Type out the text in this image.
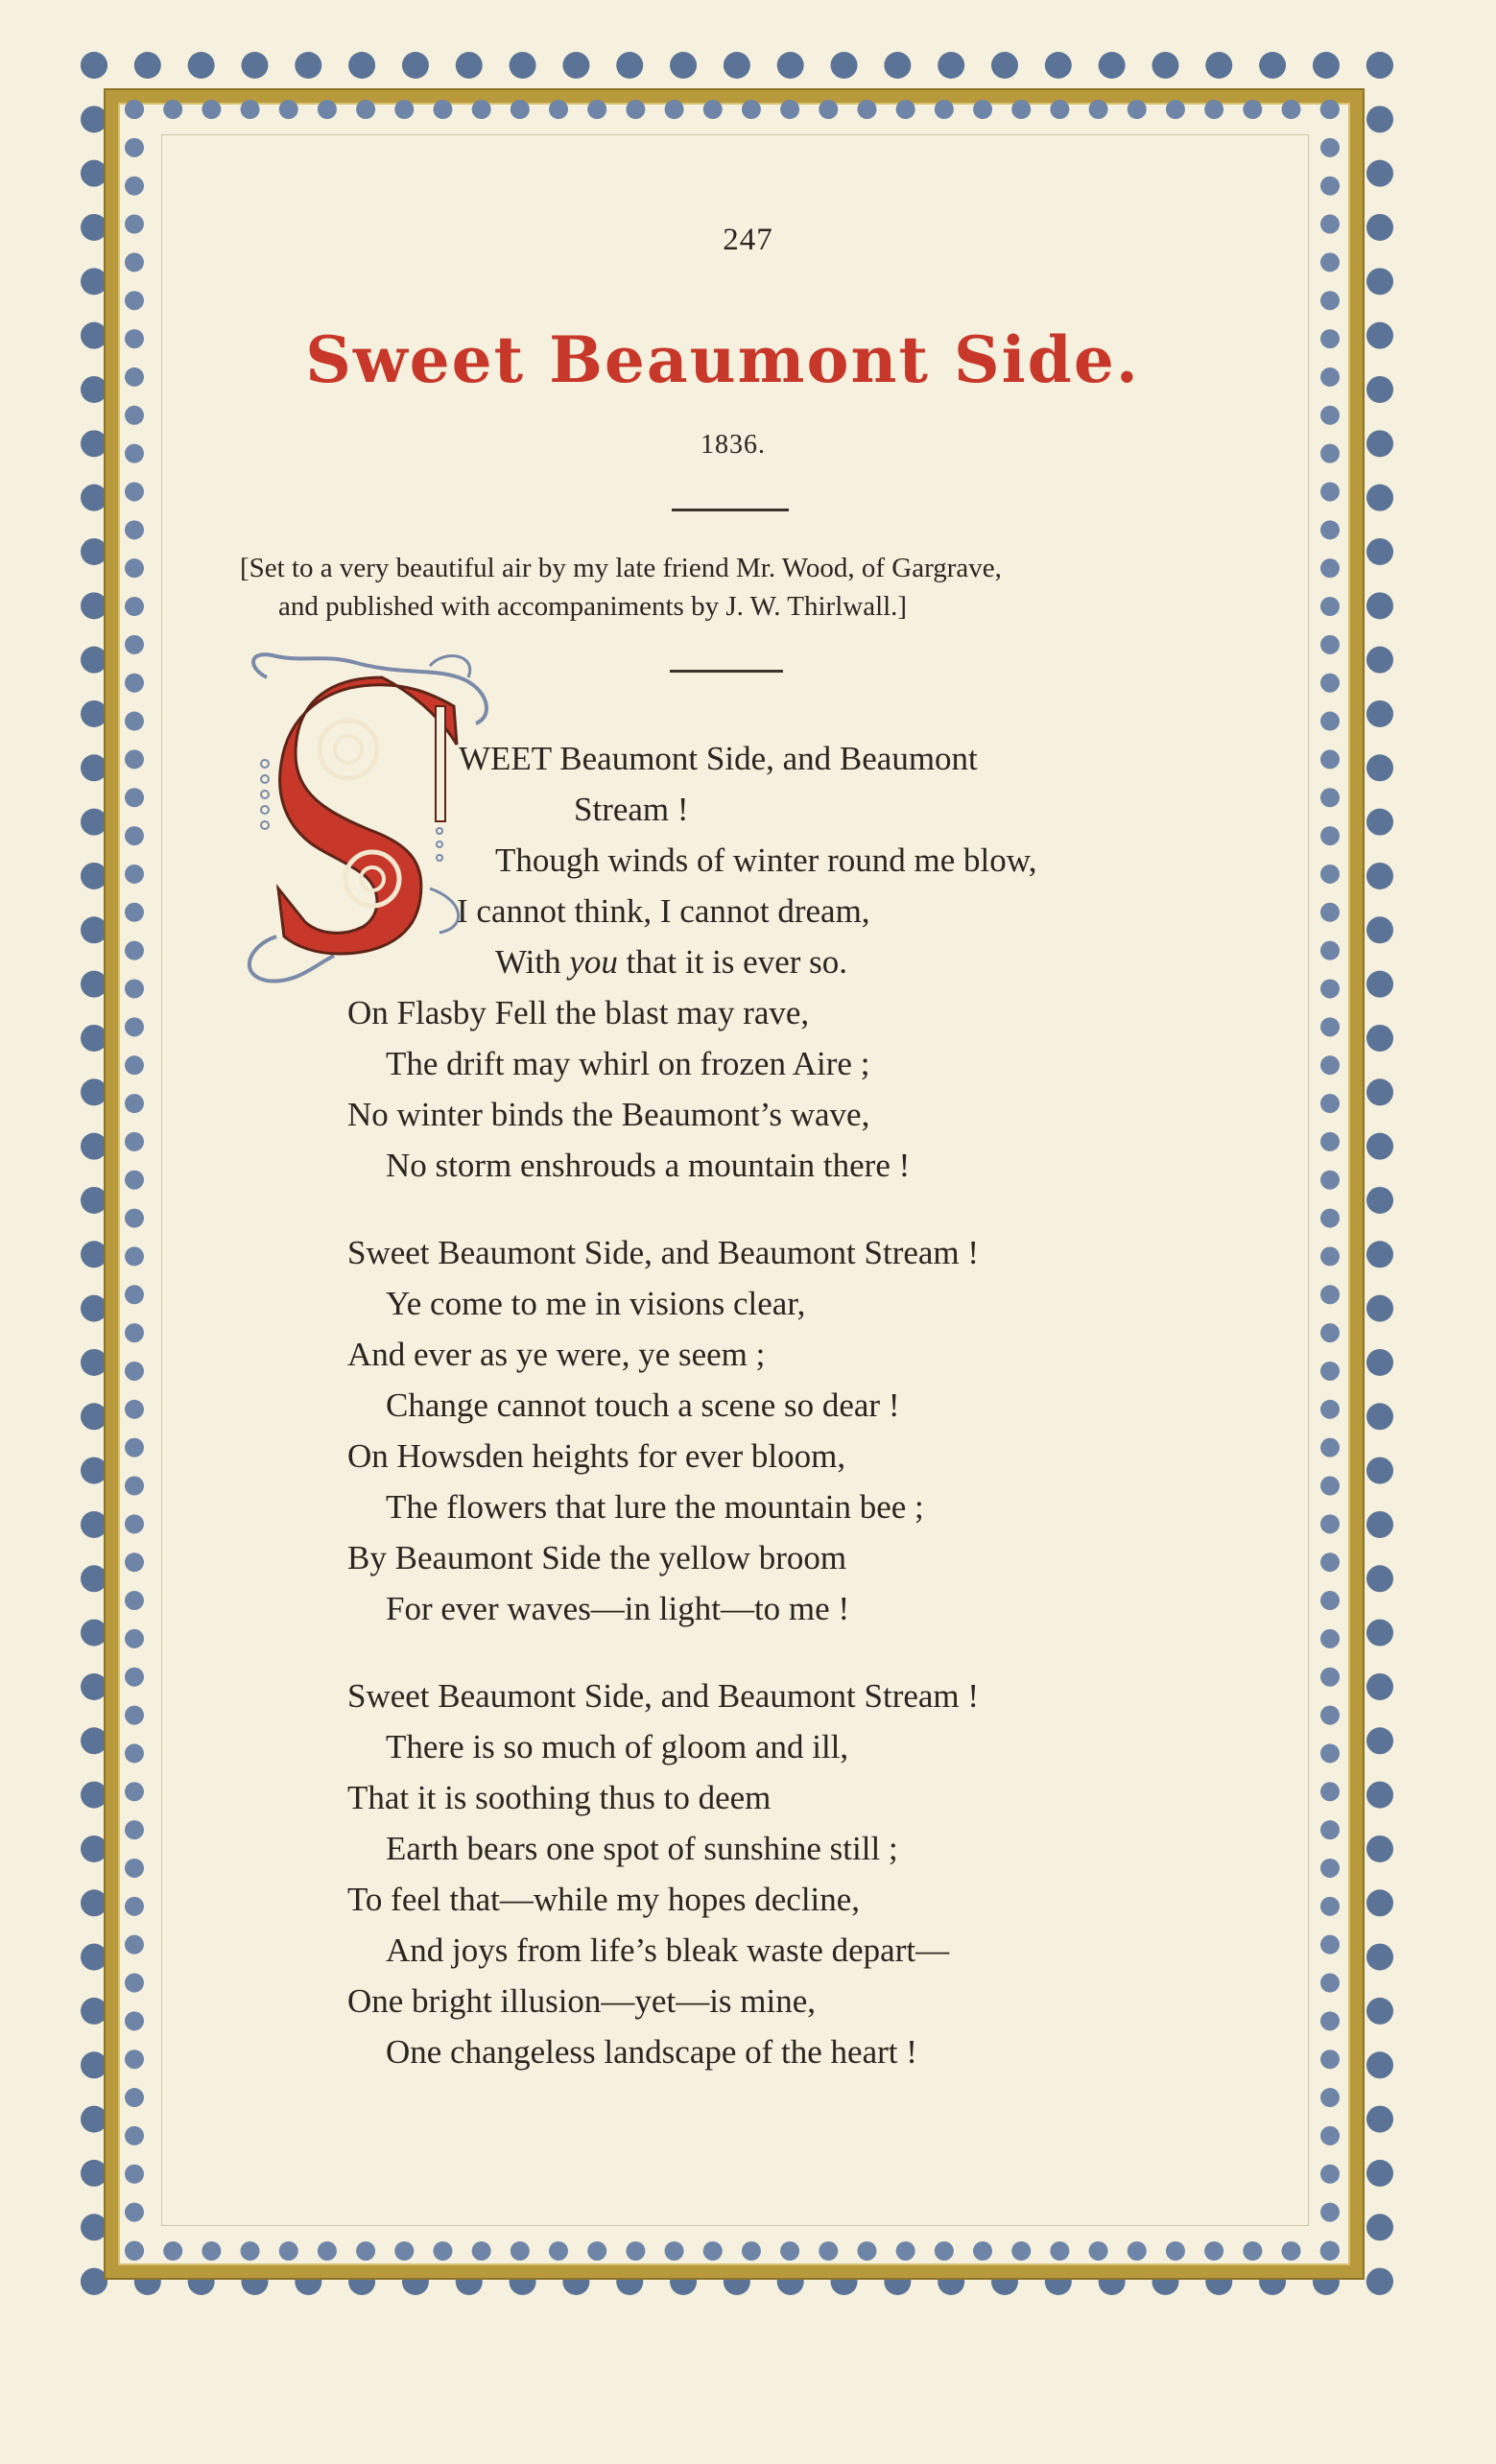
247
Sweet Beaumont Side.
1836.
[Set to a very beautiful air by my late friend Mr. Wood, of Gargrave,
and published with accompaniments by J. W. Thirlwall.]
WEET Beaumont Side, and Beaumont
Stream !
Though winds of winter round me blow,
I cannot think, I cannot dream,
With you that it is ever so.
On Flasby Fell the blast may rave,
The drift may whirl on frozen Aire ;
No winter binds the Beaumont’s wave,
No storm enshrouds a mountain there !
Sweet Beaumont Side, and Beaumont Stream !
Ye come to me in visions clear,
And ever as ye were, ye seem ;
Change cannot touch a scene so dear !
On Howsden heights for ever bloom,
The flowers that lure the mountain bee ;
By Beaumont Side the yellow broom
For ever waves—in light—to me !
Sweet Beaumont Side, and Beaumont Stream !
There is so much of gloom and ill,
That it is soothing thus to deem
Earth bears one spot of sunshine still ;
To feel that—while my hopes decline,
And joys from life’s bleak waste depart—
One bright illusion—yet—is mine,
One changeless landscape of the heart !
